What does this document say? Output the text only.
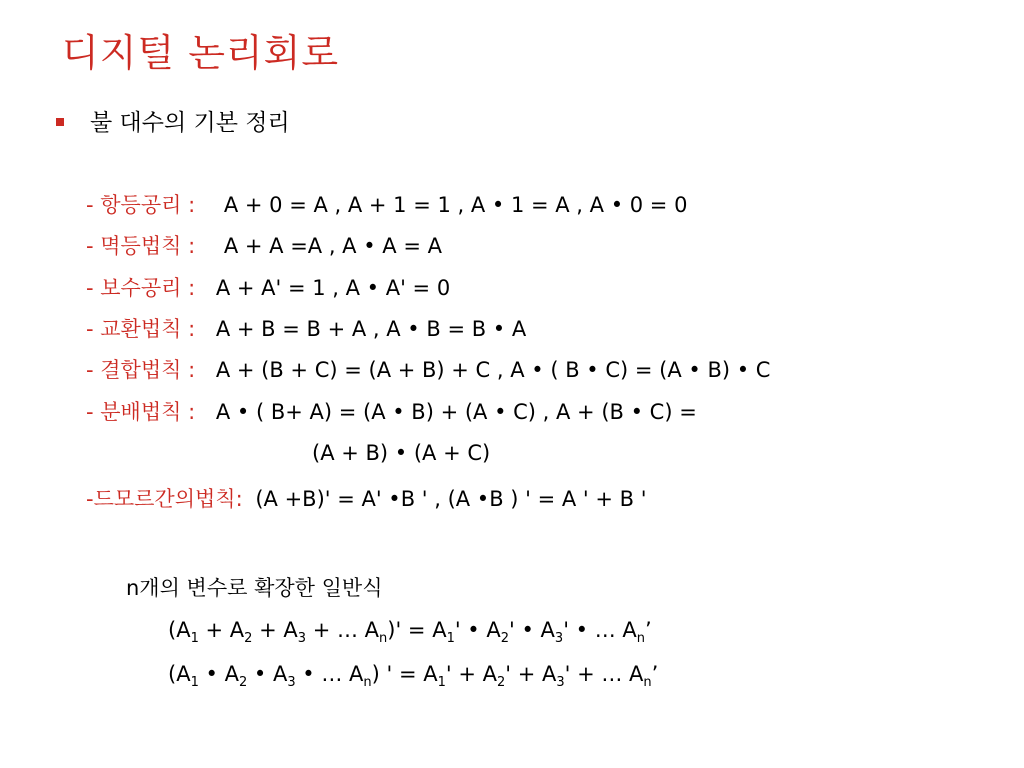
디지털 논리회로
불 대수의 기본 정리
- 항등공리 : A + 0 = A , A + 1 = 1 , A • 1 = A , A • 0 = 0
- 멱등법칙 : A + A =A , A • A = A
- 보수공리 : A + A' = 1 , A • A' = 0
- 교환법칙 : A + B = B + A , A • B = B • A
- 결합법칙 : A + (B + C) = (A + B) + C , A • ( B • C) = (A • B) • C
- 분배법칙 : A • ( B+ A) = (A • B) + (A • C) , A + (B • C) =
(A + B) • (A + C)
-드모르간의법칙: (A +B)' = A' •B ' , (A •B ) ' = A ' + B '
n개의 변수로 확장한 일반식
($A_1 + A_2 + A_3$ + … $A_n)' = A_1'$ • $A_2'$ • $A_3'$ • … $A_n$’
($A_1$ • $A_2$ • $A_3$ • … $A_n$) ' = $A_1' + A_2' + A_3'$ + … $A_n$’
